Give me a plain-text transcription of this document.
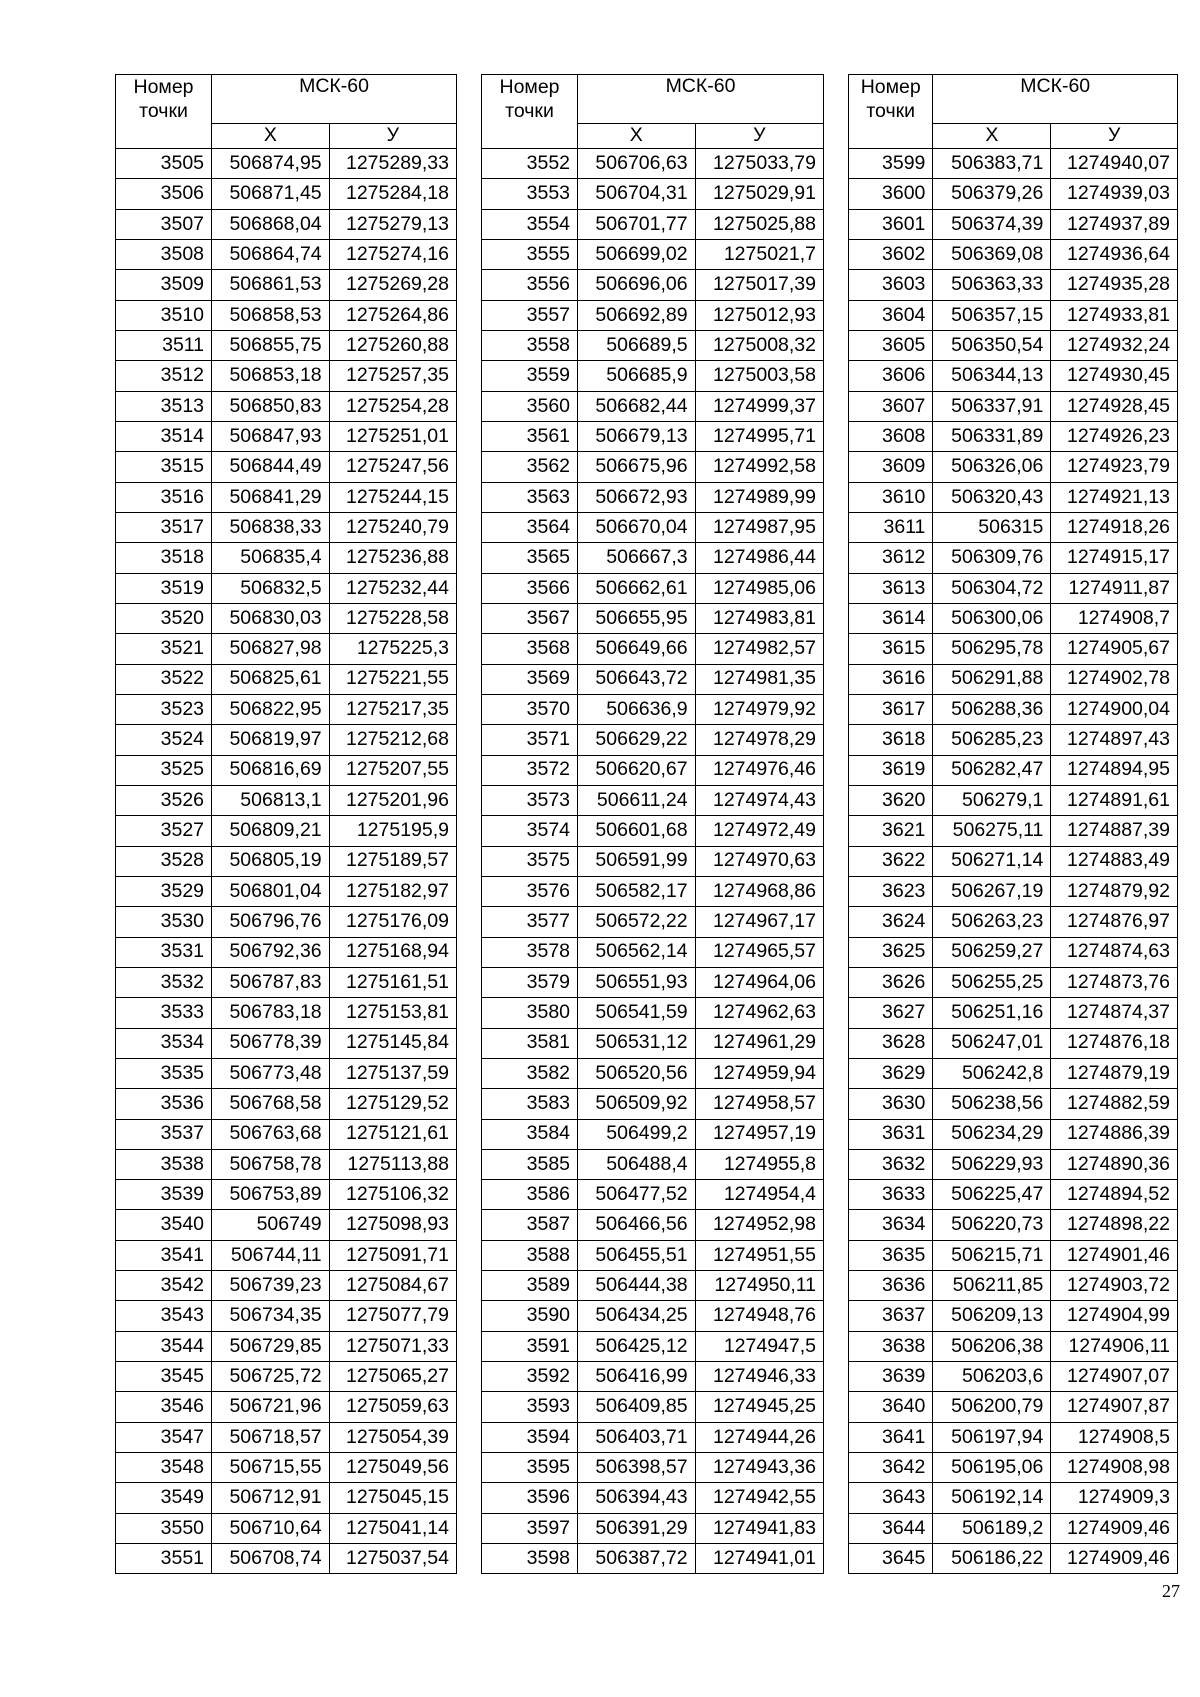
Номер
точки	МСК-60	
	Х	У
3505	506874,95	1275289,33
3506	506871,45	1275284,18
3507	506868,04	1275279,13
3508	506864,74	1275274,16
3509	506861,53	1275269,28
3510	506858,53	1275264,86
3511	506855,75	1275260,88
3512	506853,18	1275257,35
3513	506850,83	1275254,28
3514	506847,93	1275251,01
3515	506844,49	1275247,56
3516	506841,29	1275244,15
3517	506838,33	1275240,79
3518	506835,4	1275236,88
3519	506832,5	1275232,44
3520	506830,03	1275228,58
3521	506827,98	1275225,3
3522	506825,61	1275221,55
3523	506822,95	1275217,35
3524	506819,97	1275212,68
3525	506816,69	1275207,55
3526	506813,1	1275201,96
3527	506809,21	1275195,9
3528	506805,19	1275189,57
3529	506801,04	1275182,97
3530	506796,76	1275176,09
3531	506792,36	1275168,94
3532	506787,83	1275161,51
3533	506783,18	1275153,81
3534	506778,39	1275145,84
3535	506773,48	1275137,59
3536	506768,58	1275129,52
3537	506763,68	1275121,61
3538	506758,78	1275113,88
3539	506753,89	1275106,32
3540	506749	1275098,93
3541	506744,11	1275091,71
3542	506739,23	1275084,67
3543	506734,35	1275077,79
3544	506729,85	1275071,33
3545	506725,72	1275065,27
3546	506721,96	1275059,63
3547	506718,57	1275054,39
3548	506715,55	1275049,56
3549	506712,91	1275045,15
3550	506710,64	1275041,14
3551	506708,74	1275037,54
Номер
точки	МСК-60	
	Х	У
3552	506706,63	1275033,79
3553	506704,31	1275029,91
3554	506701,77	1275025,88
3555	506699,02	1275021,7
3556	506696,06	1275017,39
3557	506692,89	1275012,93
3558	506689,5	1275008,32
3559	506685,9	1275003,58
3560	506682,44	1274999,37
3561	506679,13	1274995,71
3562	506675,96	1274992,58
3563	506672,93	1274989,99
3564	506670,04	1274987,95
3565	506667,3	1274986,44
3566	506662,61	1274985,06
3567	506655,95	1274983,81
3568	506649,66	1274982,57
3569	506643,72	1274981,35
3570	506636,9	1274979,92
3571	506629,22	1274978,29
3572	506620,67	1274976,46
3573	506611,24	1274974,43
3574	506601,68	1274972,49
3575	506591,99	1274970,63
3576	506582,17	1274968,86
3577	506572,22	1274967,17
3578	506562,14	1274965,57
3579	506551,93	1274964,06
3580	506541,59	1274962,63
3581	506531,12	1274961,29
3582	506520,56	1274959,94
3583	506509,92	1274958,57
3584	506499,2	1274957,19
3585	506488,4	1274955,8
3586	506477,52	1274954,4
3587	506466,56	1274952,98
3588	506455,51	1274951,55
3589	506444,38	1274950,11
3590	506434,25	1274948,76
3591	506425,12	1274947,5
3592	506416,99	1274946,33
3593	506409,85	1274945,25
3594	506403,71	1274944,26
3595	506398,57	1274943,36
3596	506394,43	1274942,55
3597	506391,29	1274941,83
3598	506387,72	1274941,01
Номер
точки	МСК-60	
	Х	У
3599	506383,71	1274940,07
3600	506379,26	1274939,03
3601	506374,39	1274937,89
3602	506369,08	1274936,64
3603	506363,33	1274935,28
3604	506357,15	1274933,81
3605	506350,54	1274932,24
3606	506344,13	1274930,45
3607	506337,91	1274928,45
3608	506331,89	1274926,23
3609	506326,06	1274923,79
3610	506320,43	1274921,13
3611	506315	1274918,26
3612	506309,76	1274915,17
3613	506304,72	1274911,87
3614	506300,06	1274908,7
3615	506295,78	1274905,67
3616	506291,88	1274902,78
3617	506288,36	1274900,04
3618	506285,23	1274897,43
3619	506282,47	1274894,95
3620	506279,1	1274891,61
3621	506275,11	1274887,39
3622	506271,14	1274883,49
3623	506267,19	1274879,92
3624	506263,23	1274876,97
3625	506259,27	1274874,63
3626	506255,25	1274873,76
3627	506251,16	1274874,37
3628	506247,01	1274876,18
3629	506242,8	1274879,19
3630	506238,56	1274882,59
3631	506234,29	1274886,39
3632	506229,93	1274890,36
3633	506225,47	1274894,52
3634	506220,73	1274898,22
3635	506215,71	1274901,46
3636	506211,85	1274903,72
3637	506209,13	1274904,99
3638	506206,38	1274906,11
3639	506203,6	1274907,07
3640	506200,79	1274907,87
3641	506197,94	1274908,5
3642	506195,06	1274908,98
3643	506192,14	1274909,3
3644	506189,2	1274909,46
3645	506186,22	1274909,46
27
